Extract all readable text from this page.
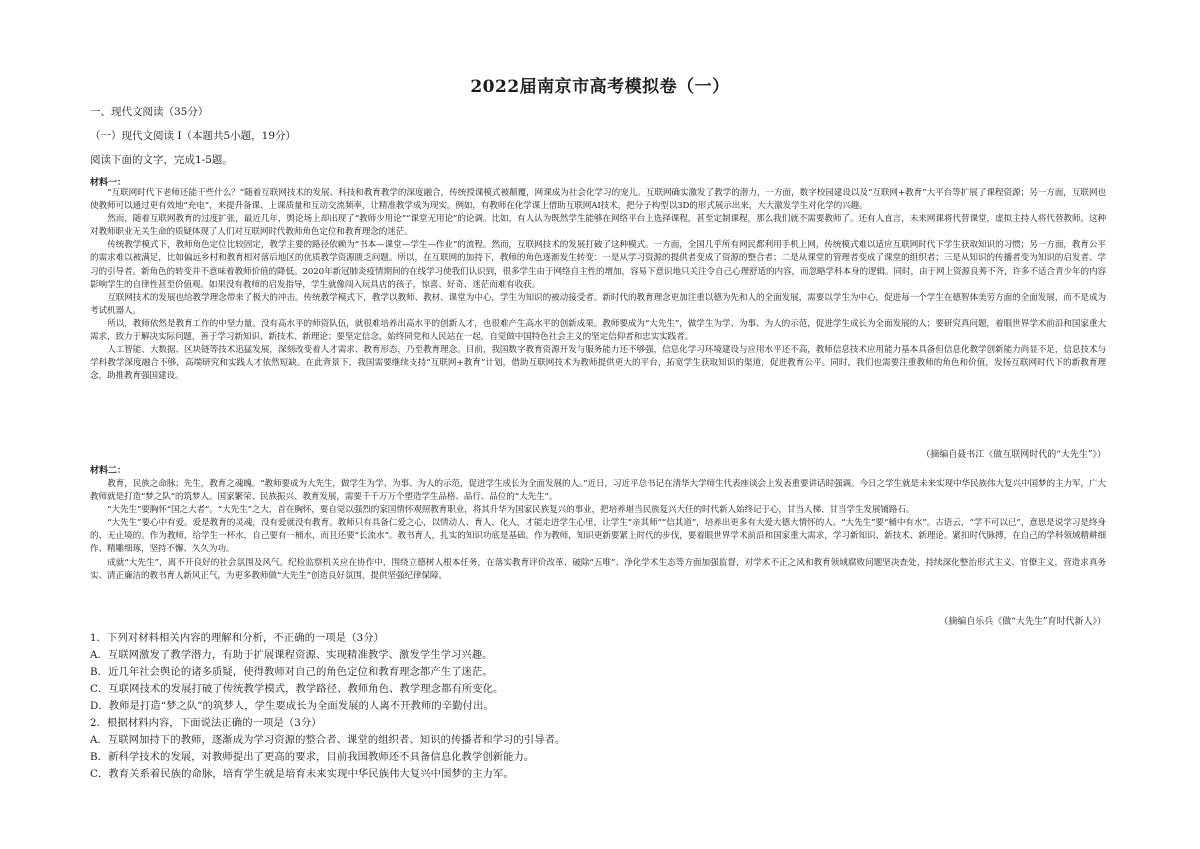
2022届南京市高考模拟卷（一）
一、现代文阅读（35分）
（一）现代文阅读 I（本题共5小题，19分）
阅读下面的文字，完成1-5题。
材料一：

“互联网时代下老师还能干些什么？”随着互联网技术的发展、科技和教育教学的深度融合，传统授课模式被颠覆，网课成为社会化学习的宠儿。互联网确实激发了教学的潜力，一方面，数字校园建设以及“互联网+教育”大平台等扩展了课程资源；另一方面，互联网也使教师可以通过更有效地“充电”，来提升备课、上课质量和互动交流频率，让精准教学成为现实。例如，有教师在化学课上借助互联网AI技术，把分子构型以3D的形式展示出来，大大激发学生对化学的兴趣。

然而，随着互联网教育的过度扩张，最近几年，舆论场上却出现了“教师少用论”“课堂无用论”的论调。比如，有人认为既然学生能够在网络平台上选择课程，甚至定制课程，那么我们就不需要教师了。还有人直言，未来网课将代替课堂，虚拟主持人将代替教师。这种对教师职业无关生命的质疑体现了人们对互联网时代教师角色定位和教育理念的迷茫。

传统教学模式下，教师角色定位比较固定，教学主要的路径依赖为“书本—课堂—学生—作业”的流程。然而，互联网技术的发展打破了这种模式。一方面，全国几乎所有网民都利用手机上网，传统模式难以适应互联网时代下学生获取知识的习惯；另一方面，教育公平的需求难以被满足，比如偏远乡村和教育相对落后地区的优质教学资源匮乏问题。所以，在互联网的加持下，教师的角色逐渐发生转变：一是从学习资源的提供者变成了资源的整合者；二是从课堂的管理者变成了课堂的组织者；三是从知识的传播者变为知识的启发者、学习的引导者。新角色的转变并不意味着教师价值的降低。2020年新冠肺炎疫情期间的在线学习使我们认识到，很多学生由于网络自主性的增加，容易下意识地只关注令自己心理舒适的内容，而忽略学科本身的逻辑。同时，由于网上资源良莠不齐，许多不适合青少年的内容影响学生的自律性甚至价值观。如果没有教师的启发指导，学生就像闯入玩具店的孩子，惊喜、好奇、迷茫而难有收获。

互联网技术的发展也给教学理念带来了极大的冲击。传统教学模式下，教学以教师、教材、课堂为中心，学生为知识的被动接受者。新时代的教育理念更加注重以德为先和人的全面发展，需要以学生为中心，促进每一个学生在德智体美劳方面的全面发展，而不是成为考试机器人。

所以，教师依然是教育工作的中坚力量。没有高水平的师资队伍，就很难培养出高水平的创新人才，也很难产生高水平的创新成果。教师要成为“大先生”，做学生为学、为事、为人的示范，促进学生成长为全面发展的人；要研究真问题，着眼世界学术前沿和国家重大需求，致力于解决实际问题，善于学习新知识、新技术、新理论；要坚定信念，始终同党和人民站在一起，自觉做中国特色社会主义的坚定信仰者和忠实实践者。

人工智能、大数据、区块链等技术迅猛发展，深刻改变着人才需求、教育形态，乃至教育理念。目前，我国数字教育资源开发与服务能力还不够强，信息化学习环境建设与应用水平还不高，教师信息技术应用能力基本具备但信息化教学创新能力尚显不足，信息技术与学科教学深度融合不够，高端研究和实践人才依然短缺。在此背景下，我国需要继续支持“互联网+教育”计划，借助互联网技术为教师提供更大的平台，拓宽学生获取知识的渠道，促进教育公平。同时，我们也需要注重教师的角色和价值，发扬互联网时代下的新教育理念，助推教育强国建设。

（摘编自聂书江《做互联网时代的“大先生”》）
材料二：

教育，民族之命脉；先生，教育之魂魄。“教师要成为大先生，做学生为学、为事、为人的示范，促进学生成长为全面发展的人。”近日，习近平总书记在清华大学师生代表座谈会上发表重要讲话时强调。今日之学生就是未来实现中华民族伟大复兴中国梦的主力军，广大教师就是打造“梦之队”的筑梦人。国家繁荣、民族振兴、教育发展，需要千千万万个塑造学生品格、品行、品位的“大先生”。

“大先生”要胸怀“国之大者”。“大先生”之大，首在胸怀，要自觉以强烈的家国情怀观照教育职业，将其升华为国家民族复兴的事业，把培养堪当民族复兴大任的时代新人始终记于心，甘当人梯、甘当学生发展铺路石。

“大先生”要心中有爱。爱是教育的灵魂，没有爱就没有教育。教师只有具备仁爱之心，以情动人、育人、化人，才能走进学生心里，让学生“亲其师”“信其道”，培养出更多有大爱大德大情怀的人。“大先生”要“桶中有水”。古语云，“学不可以已”，意思是说学习是终身的、无止境的。作为教师，给学生一杯水，自己要有一桶水，而且还要“长流水”。教书育人，扎实的知识功底是基础。作为教师，知识更新要紧上时代的步伐，要着眼世界学术前沿和国家重大需求，学习新知识、新技术、新理论。紧扣时代脉搏，在自己的学科领域精耕细作、精雕细琢，坚持不懈、久久为功。

成就“大先生”，离不开良好的社会氛围及风气。纪检监察机关应在协作中，围绕立德树人根本任务，在落实教育评价改革、破除“五唯”、净化学术生态等方面加强监督，对学术不正之风和教育领域腐败问题坚决查处，持续深化整治形式主义、官僚主义，营造求真务实、清正廉洁的教书育人新风正气，为更多教师做“大先生”创造良好氛围，提供坚强纪律保障。

（摘编自乐兵《做“大先生”育时代新人》）
1．下列对材料相关内容的理解和分析，不正确的一项是（3分）
A．互联网激发了教学潜力，有助于扩展课程资源、实现精准教学、激发学生学习兴趣。
B．近几年社会舆论的诸多质疑，使得教师对自己的角色定位和教育理念都产生了迷茫。
C．互联网技术的发展打破了传统教学模式，教学路径、教师角色、教学理念都有所变化。
D．教师是打造“梦之队”的筑梦人，学生要成长为全面发展的人离不开教师的辛勤付出。
2．根据材料内容，下面说法正确的一项是（3分）
A．互联网加持下的教师，逐渐成为学习资源的整合者、课堂的组织者、知识的传播者和学习的引导者。
B．新科学技术的发展，对教师提出了更高的要求，目前我国教师还不具备信息化教学创新能力。
C．教育关系着民族的命脉，培育学生就是培育未来实现中华民族伟大复兴中国梦的主力军。
